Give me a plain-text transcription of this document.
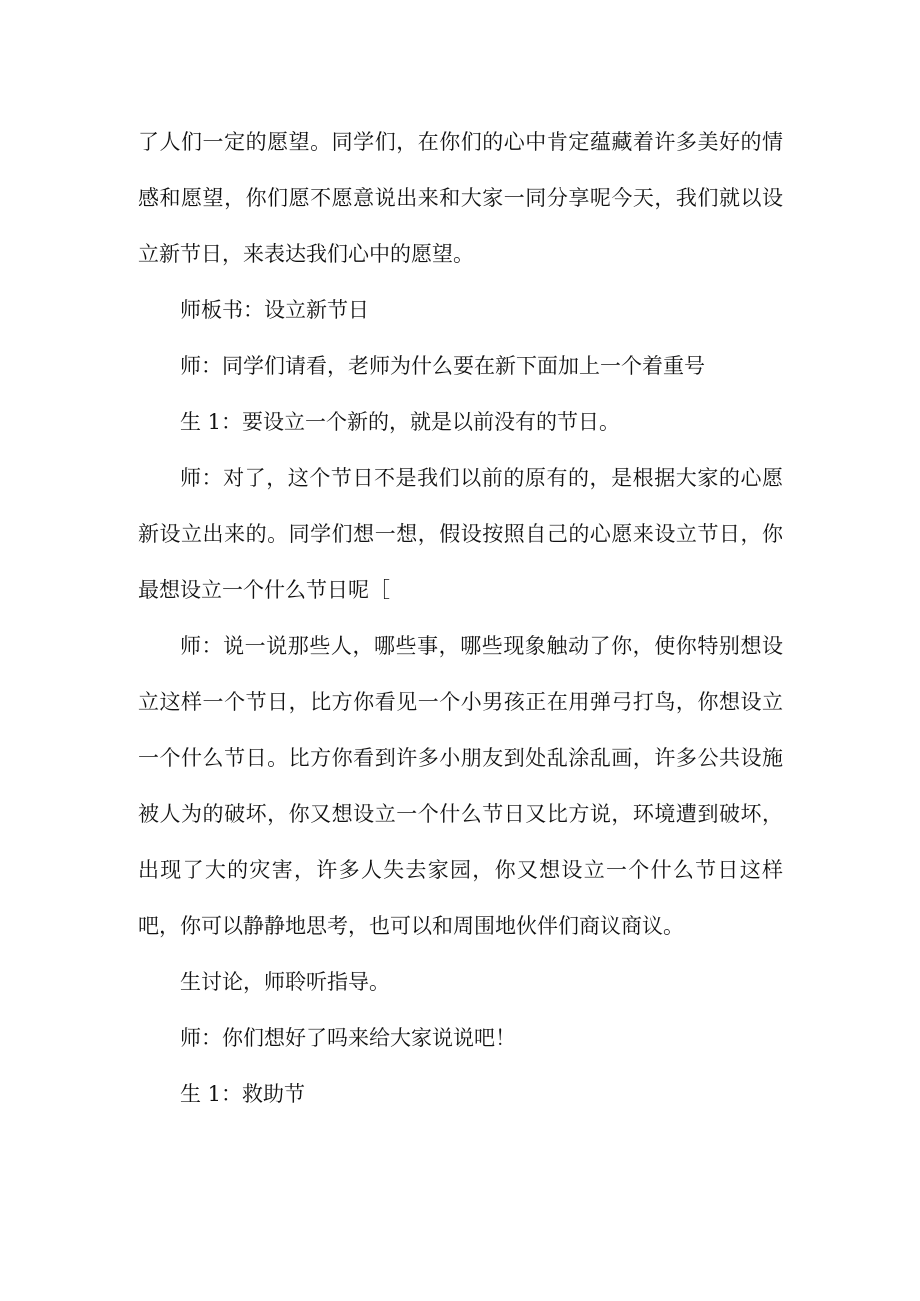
了人们一定的愿望。同学们，在你们的心中肯定蕴藏着许多美好的情感和愿望，你们愿不愿意说出来和大家一同分享呢今天，我们就以设立新节日，来表达我们心中的愿望。

师板书：设立新节日

师：同学们请看，老师为什么要在新下面加上一个着重号

生 1：要设立一个新的，就是以前没有的节日。

师：对了，这个节日不是我们以前的原有的，是根据大家的心愿新设立出来的。同学们想一想，假设按照自己的心愿来设立节日，你最想设立一个什么节日呢［

师：说一说那些人，哪些事，哪些现象触动了你，使你特别想设立这样一个节日，比方你看见一个小男孩正在用弹弓打鸟，你想设立一个什么节日。比方你看到许多小朋友到处乱涂乱画，许多公共设施被人为的破坏，你又想设立一个什么节日又比方说，环境遭到破坏，出现了大的灾害，许多人失去家园，你又想设立一个什么节日这样吧，你可以静静地思考，也可以和周围地伙伴们商议商议。

生讨论，师聆听指导。

师：你们想好了吗来给大家说说吧！

生 1：救助节
